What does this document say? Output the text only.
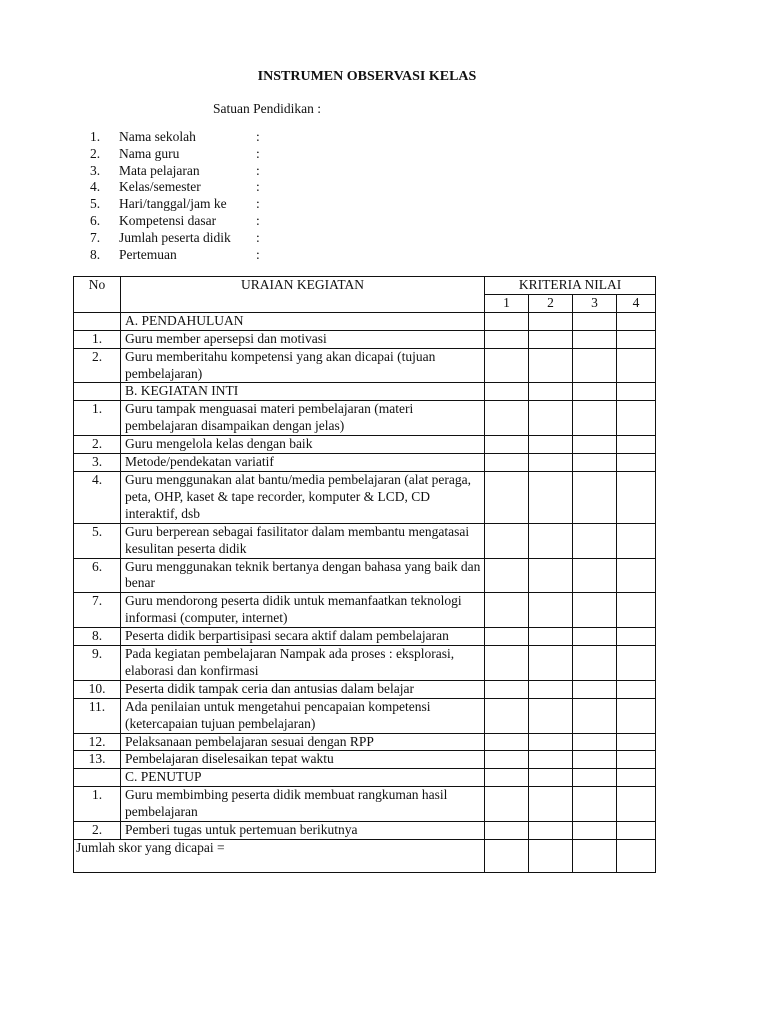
INSTRUMEN OBSERVASI KELAS
Satuan Pendidikan :
1.	Nama sekolah	:
2.	Nama guru	:
3.	Mata pelajaran	:
4.	Kelas/semester	:
5.	Hari/tanggal/jam ke	:
6.	Kompetensi dasar	:
7.	Jumlah peserta didik	:
8.	Pertemuan	:
No	URAIAN KEGIATAN	KRITERIA NILAI			
		1	2	3	4
	A. PENDAHULUAN				
1.	Guru member apersepsi dan motivasi				
2.	Guru memberitahu kompetensi yang akan dicapai (tujuan pembelajaran)				
	B. KEGIATAN INTI				
1.	Guru tampak menguasai materi pembelajaran (materi pembelajaran disampaikan dengan jelas)				
2.	Guru mengelola kelas dengan baik				
3.	Metode/pendekatan variatif				
4.	Guru menggunakan alat bantu/media pembelajaran (alat peraga, peta, OHP, kaset & tape recorder, komputer & LCD, CD interaktif, dsb				
5.	Guru berperean sebagai fasilitator dalam membantu mengatasai kesulitan peserta didik				
6.	Guru menggunakan teknik bertanya dengan bahasa yang baik dan benar				
7.	Guru mendorong peserta didik untuk memanfaatkan teknologi informasi (computer, internet)				
8.	Peserta didik berpartisipasi secara aktif dalam pembelajaran				
9.	Pada kegiatan pembelajaran Nampak ada proses : eksplorasi, elaborasi dan konfirmasi				
10.	Peserta didik tampak ceria dan antusias dalam belajar				
11.	Ada penilaian untuk mengetahui pencapaian kompetensi (ketercapaian tujuan pembelajaran)				
12.	Pelaksanaan pembelajaran sesuai dengan RPP				
13.	Pembelajaran diselesaikan tepat waktu				
	C. PENUTUP				
1.	Guru membimbing peserta didik membuat rangkuman hasil pembelajaran				
2.	Pemberi tugas untuk pertemuan berikutnya				
Jumlah skor yang dicapai =					
